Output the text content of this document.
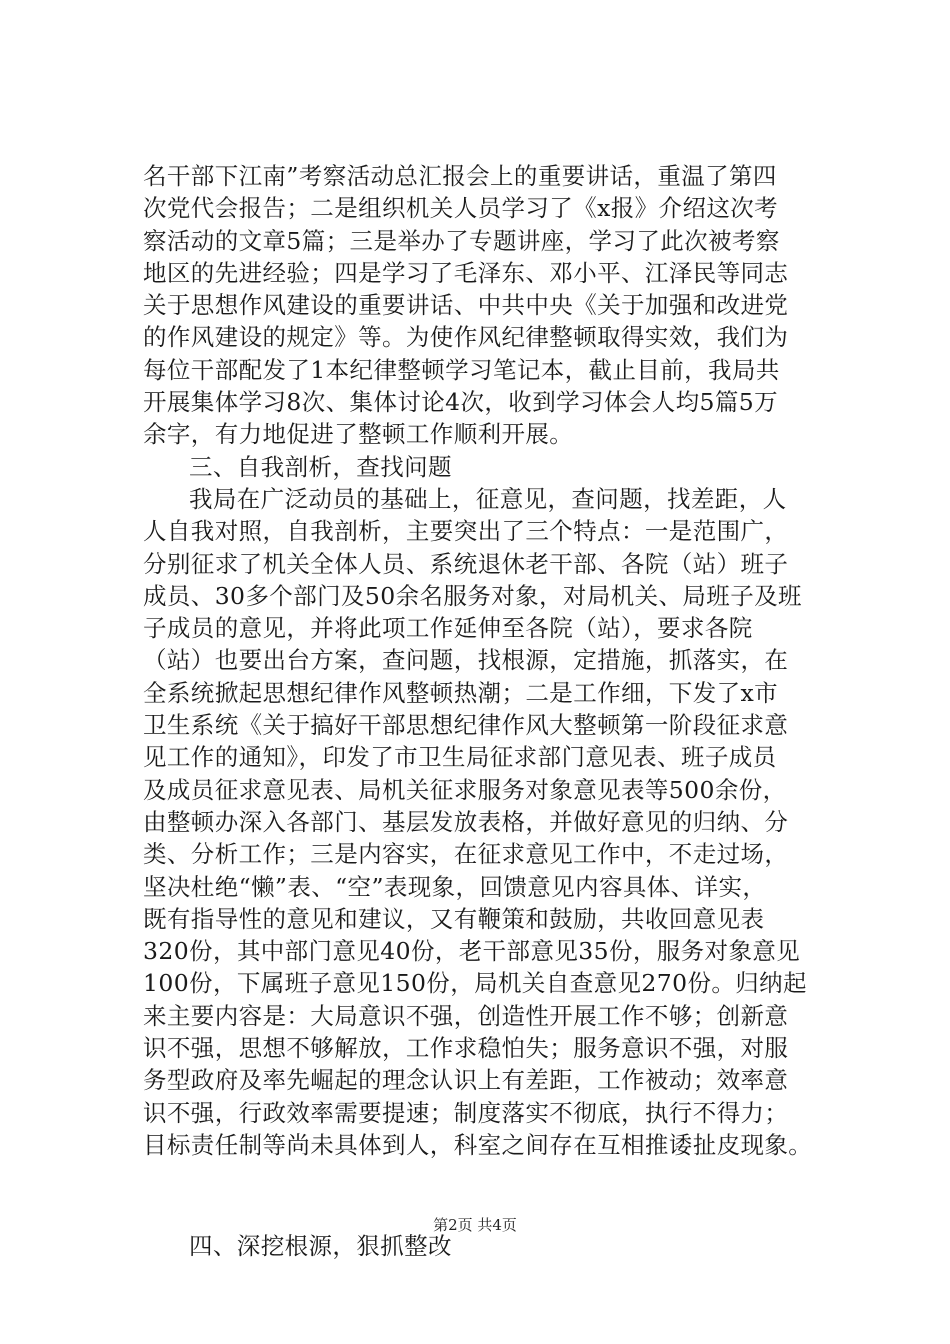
名干部下江南”考察活动总汇报会上的重要讲话，重温了第四

次党代会报告；二是组织机关人员学习了《x报》介绍这次考

察活动的文章5篇；三是举办了专题讲座，学习了此次被考察

地区的先进经验；四是学习了毛泽东、邓小平、江泽民等同志

关于思想作风建设的重要讲话、中共中央《关于加强和改进党

的作风建设的规定》等。为使作风纪律整顿取得实效，我们为

每位干部配发了1本纪律整顿学习笔记本，截止目前，我局共

开展集体学习8次、集体讨论4次，收到学习体会人均5篇5万

余字，有力地促进了整顿工作顺利开展。

三、自我剖析，查找问题

我局在广泛动员的基础上，征意见，查问题，找差距，人

人自我对照，自我剖析，主要突出了三个特点：一是范围广，

分别征求了机关全体人员、系统退休老干部、各院（站）班子

成员、30多个部门及50余名服务对象，对局机关、局班子及班

子成员的意见，并将此项工作延伸至各院（站），要求各院

（站）也要出台方案，查问题，找根源，定措施，抓落实，在

全系统掀起思想纪律作风整顿热潮；二是工作细，下发了x市

卫生系统《关于搞好干部思想纪律作风大整顿第一阶段征求意

见工作的通知》，印发了市卫生局征求部门意见表、班子成员

及成员征求意见表、局机关征求服务对象意见表等500余份，

由整顿办深入各部门、基层发放表格，并做好意见的归纳、分

类、分析工作；三是内容实，在征求意见工作中，不走过场，

坚决杜绝“懒”表、“空”表现象，回馈意见内容具体、详实，

既有指导性的意见和建议，又有鞭策和鼓励，共收回意见表

320份，其中部门意见40份，老干部意见35份，服务对象意见

100份，下属班子意见150份，局机关自查意见270份。归纳起

来主要内容是：大局意识不强，创造性开展工作不够；创新意

识不强，思想不够解放，工作求稳怕失；服务意识不强，对服

务型政府及率先崛起的理念认识上有差距，工作被动；效率意

识不强，行政效率需要提速；制度落实不彻底，执行不得力；

目标责任制等尚未具体到人，科室之间存在互相推诿扯皮现象。

四、深挖根源，狠抓整改

第2页 共4页
